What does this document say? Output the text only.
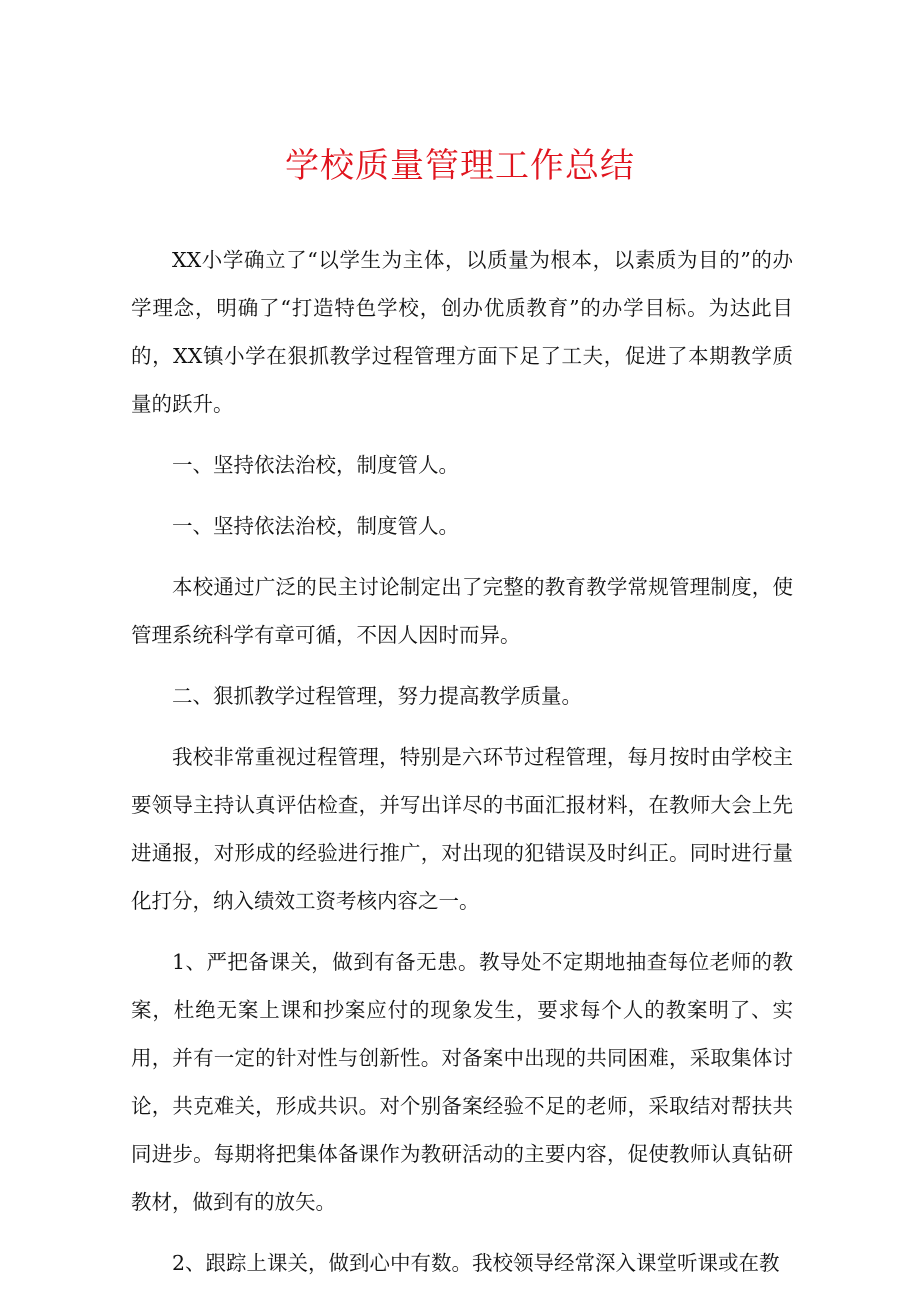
学校质量管理工作总结

XX小学确立了“以学生为主体，以质量为根本，以素质为目的”的办学理念，明确了“打造特色学校，创办优质教育”的办学目标。为达此目的，XX镇小学在狠抓教学过程管理方面下足了工夫，促进了本期教学质量的跃升。

一、坚持依法治校，制度管人。

一、坚持依法治校，制度管人。

本校通过广泛的民主讨论制定出了完整的教育教学常规管理制度，使管理系统科学有章可循，不因人因时而异。

二、狠抓教学过程管理，努力提高教学质量。

我校非常重视过程管理，特别是六环节过程管理，每月按时由学校主要领导主持认真评估检查，并写出详尽的书面汇报材料，在教师大会上先进通报，对形成的经验进行推广，对出现的犯错误及时纠正。同时进行量化打分，纳入绩效工资考核内容之一。

1、严把备课关，做到有备无患。教导处不定期地抽查每位老师的教案，杜绝无案上课和抄案应付的现象发生，要求每个人的教案明了、实用，并有一定的针对性与创新性。对备案中出现的共同困难，采取集体讨论，共克难关，形成共识。对个别备案经验不足的老师，采取结对帮扶共同进步。每期将把集体备课作为教研活动的主要内容，促使教师认真钻研教材，做到有的放矢。

2、跟踪上课关，做到心中有数。我校领导经常深入课堂听课或在教
